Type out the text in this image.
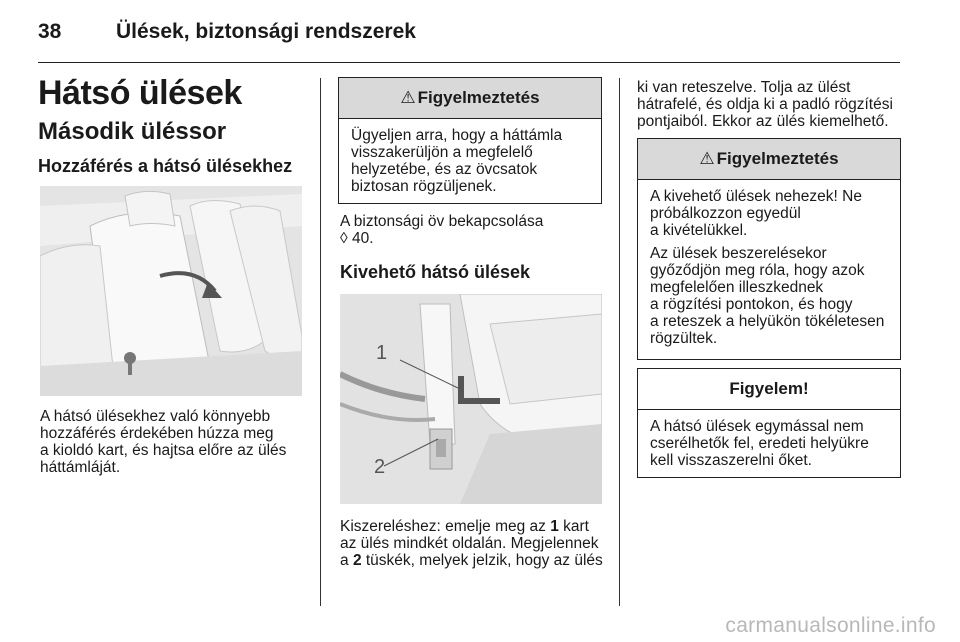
38	Ülések, biztonsági rendszerek
Hátsó ülések
Második üléssor
Hozzáférés a hátsó ülésekhez
A hátsó ülésekhez való könnyebb
hozzáférés érdekében húzza meg
a kioldó kart, és hajtsa előre az ülés
háttámláját.
⚠ Figyelmeztetés
Ügyeljen arra, hogy a háttámla
visszakerüljön a megfelelő
helyzetébe, és az övcsatok
biztosan rögzüljenek.
A biztonsági öv bekapcsolása
◊ 40.
Kivehető hátsó ülések
1
2
Kiszereléshez: emelje meg az 1 kart
az ülés mindkét oldalán. Megjelennek
a 2 tüskék, melyek jelzik, hogy az ülés
ki van reteszelve. Tolja az ülést
hátrafelé, és oldja ki a padló rögzítési
pontjaiból. Ekkor az ülés kiemelhető.
⚠ Figyelmeztetés
A kivehető ülések nehezek! Ne
próbálkozzon egyedül
a kivételükkel.
Az ülések beszerelésekor
győződjön meg róla, hogy azok
megfelelően illeszkednek
a rögzítési pontokon, és hogy
a reteszek a helyükön tökéletesen
rögzültek.
Figyelem!
A hátsó ülések egymással nem
cserélhetők fel, eredeti helyükre
kell visszaszerelni őket.
carmanualsonline.info
